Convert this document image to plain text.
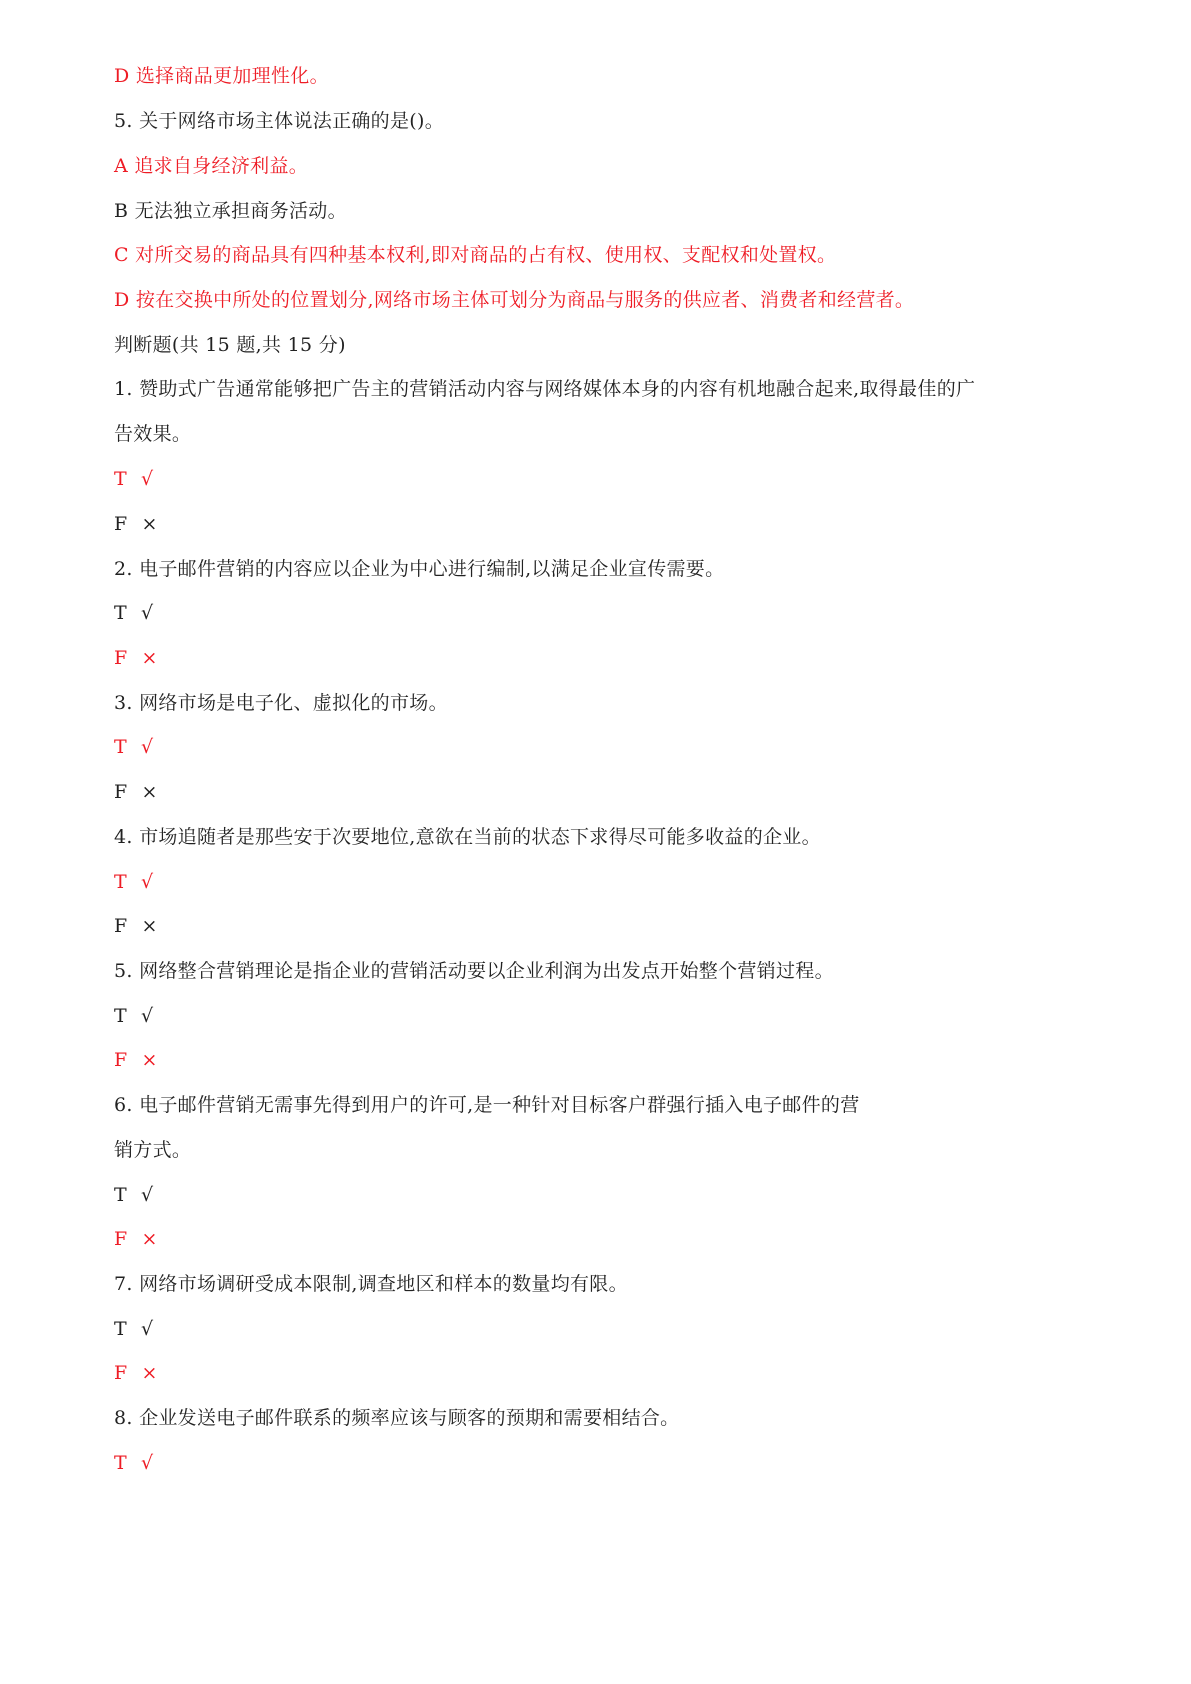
D 选择商品更加理性化。
5. 关于网络市场主体说法正确的是()。
A 追求自身经济利益。
B 无法独立承担商务活动。
C 对所交易的商品具有四种基本权利,即对商品的占有权、使用权、支配权和处置权。
D 按在交换中所处的位置划分,网络市场主体可划分为商品与服务的供应者、消费者和经营者。
判断题(共 15 题,共 15 分)
1. 赞助式广告通常能够把广告主的营销活动内容与网络媒体本身的内容有机地融合起来,取得最佳的广
告效果。
T √
F ×
2. 电子邮件营销的内容应以企业为中心进行编制,以满足企业宣传需要。
T √
F ×
3. 网络市场是电子化、虚拟化的市场。
T √
F ×
4. 市场追随者是那些安于次要地位,意欲在当前的状态下求得尽可能多收益的企业。
T √
F ×
5. 网络整合营销理论是指企业的营销活动要以企业利润为出发点开始整个营销过程。
T √
F ×
6. 电子邮件营销无需事先得到用户的许可,是一种针对目标客户群强行插入电子邮件的营
销方式。
T √
F ×
7. 网络市场调研受成本限制,调查地区和样本的数量均有限。
T √
F ×
8. 企业发送电子邮件联系的频率应该与顾客的预期和需要相结合。
T √
